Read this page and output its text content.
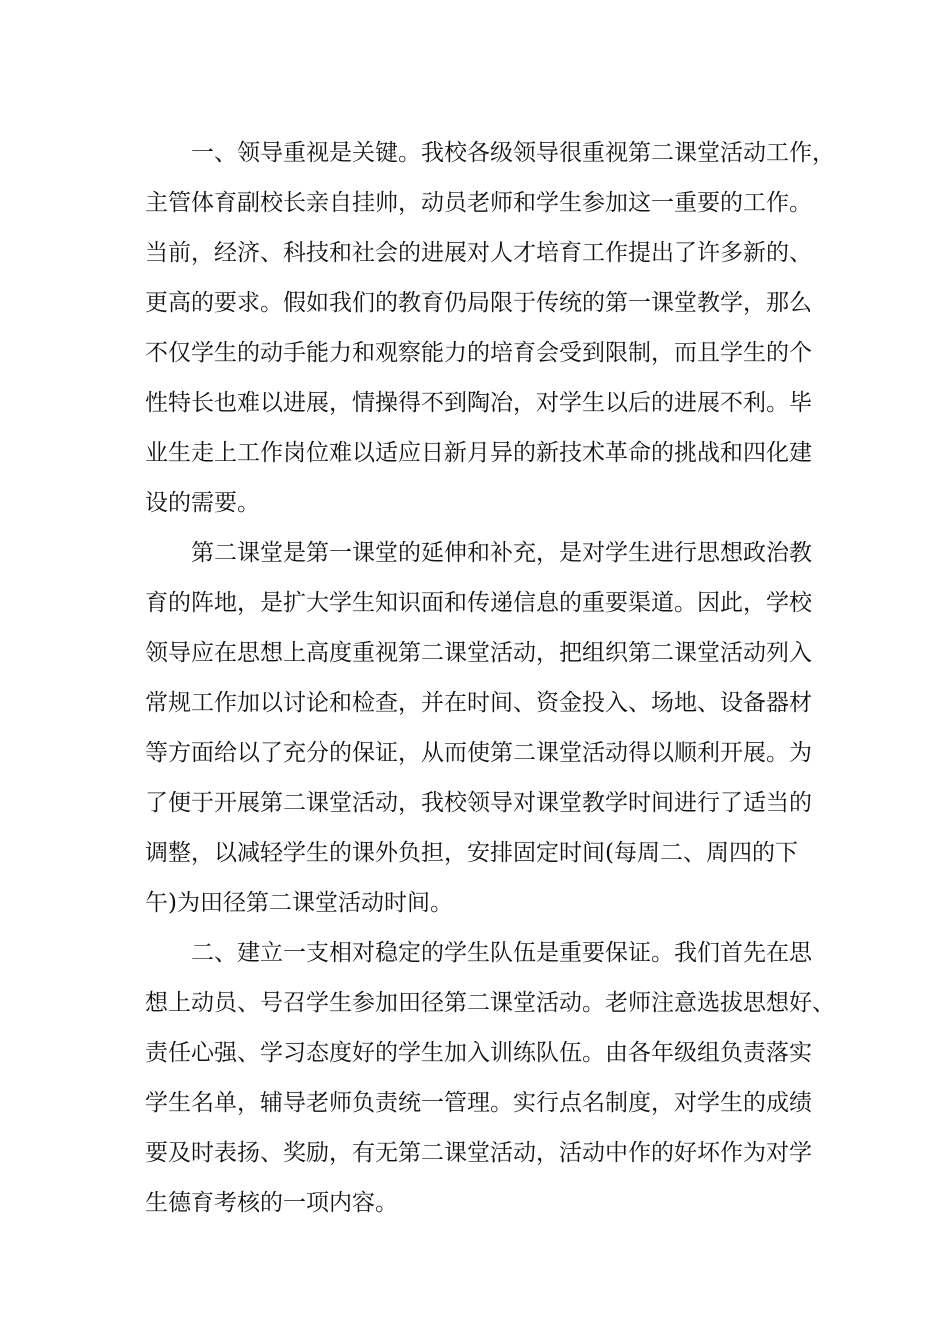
一、领导重视是关键。我校各级领导很重视第二课堂活动工作，
主管体育副校长亲自挂帅，动员老师和学生参加这一重要的工作。
当前，经济、科技和社会的进展对人才培育工作提出了许多新的、
更高的要求。假如我们的教育仍局限于传统的第一课堂教学，那么
不仅学生的动手能力和观察能力的培育会受到限制，而且学生的个
性特长也难以进展，情操得不到陶冶，对学生以后的进展不利。毕
业生走上工作岗位难以适应日新月异的新技术革命的挑战和四化建
设的需要。
第二课堂是第一课堂的延伸和补充，是对学生进行思想政治教
育的阵地，是扩大学生知识面和传递信息的重要渠道。因此，学校
领导应在思想上高度重视第二课堂活动，把组织第二课堂活动列入
常规工作加以讨论和检查，并在时间、资金投入、场地、设备器材
等方面给以了充分的保证，从而使第二课堂活动得以顺利开展。为
了便于开展第二课堂活动，我校领导对课堂教学时间进行了适当的
调整，以减轻学生的课外负担，安排固定时间(每周二、周四的下
午)为田径第二课堂活动时间。
二、建立一支相对稳定的学生队伍是重要保证。我们首先在思
想上动员、号召学生参加田径第二课堂活动。老师注意选拔思想好、
责任心强、学习态度好的学生加入训练队伍。由各年级组负责落实
学生名单，辅导老师负责统一管理。实行点名制度，对学生的成绩
要及时表扬、奖励，有无第二课堂活动，活动中作的好坏作为对学
生德育考核的一项内容。
